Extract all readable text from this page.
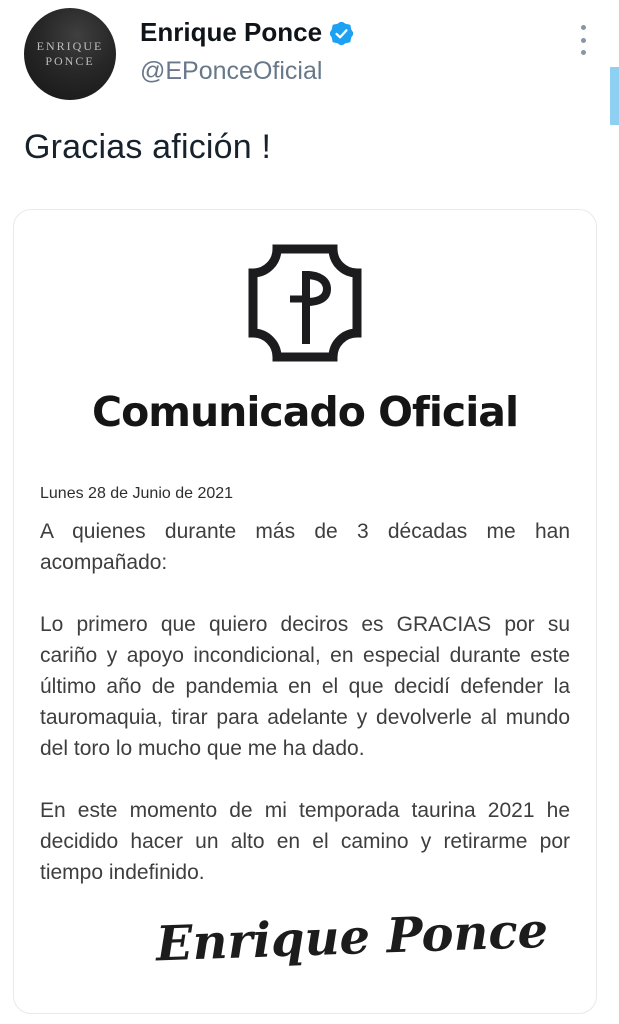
ENRIQUE
PONCE
Enrique Ponce
@EPonceOficial
Gracias afición !
Comunicado Oficial
Lunes 28 de Junio de 2021

A quienes durante más de 3 décadas me han acompañado:

Lo primero que quiero deciros es GRACIAS por su cariño y apoyo incondicional, en especial durante este último año de pandemia en el que decidí defender la tauromaquia, tirar para adelante y devolverle al mundo del toro lo mucho que me ha dado.

En este momento de mi temporada taurina 2021 he decidido hacer un alto en el camino y retirarme por tiempo indefinido.

Enrique Ponce
